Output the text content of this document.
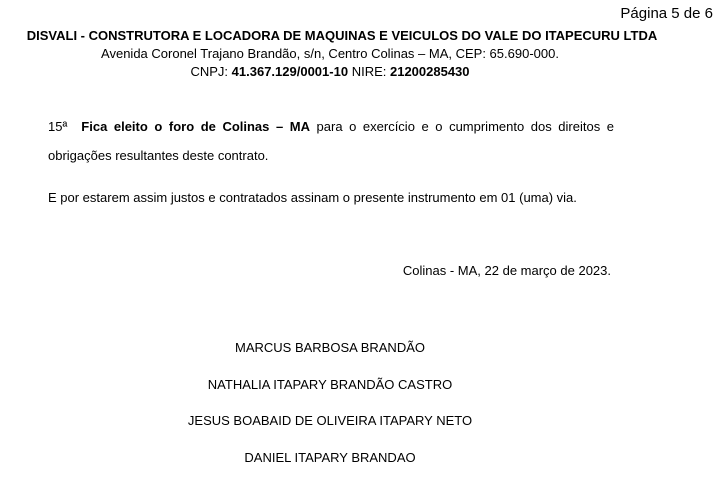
Página 5 de 6
DISVALI - CONSTRUTORA E LOCADORA DE MAQUINAS E VEICULOS DO VALE DO ITAPECURU LTDA
Avenida Coronel Trajano Brandão, s/n, Centro Colinas – MA, CEP: 65.690-000.
CNPJ: 41.367.129/0001-10 NIRE: 21200285430
15ª Fica eleito o foro de Colinas – MA para o exercício e o cumprimento dos direitos e obrigações resultantes deste contrato.
E por estarem assim justos e contratados assinam o presente instrumento em 01 (uma) via.
Colinas - MA, 22 de março de 2023.
MARCUS BARBOSA BRANDÃO
NATHALIA ITAPARY BRANDÃO CASTRO
JESUS BOABAID DE OLIVEIRA ITAPARY NETO
DANIEL ITAPARY BRANDAO
